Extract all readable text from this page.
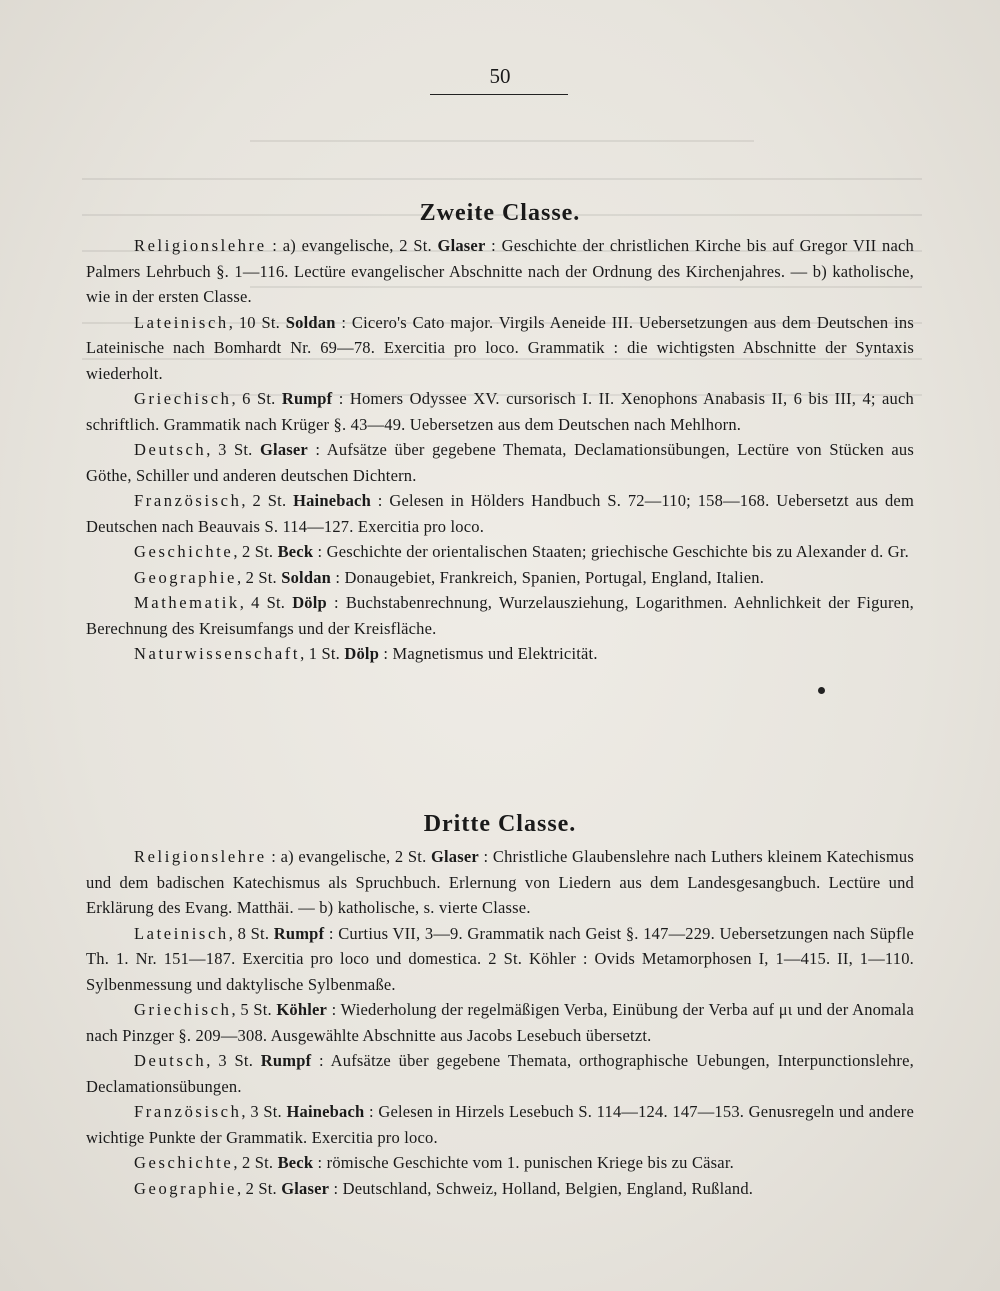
50
Zweite Classe.

Religionslehre : a) evangelische, 2 St. Glaser : Geschichte der christlichen Kirche bis auf Gregor VII nach Palmers Lehrbuch §. 1—116. Lectüre evangelischer Abschnitte nach der Ordnung des Kirchenjahres. — b) katholische, wie in der ersten Classe.

Lateinisch, 10 St. Soldan : Cicero's Cato major. Virgils Aeneide III. Uebersetzungen aus dem Deutschen ins Lateinische nach Bomhardt Nr. 69—78. Exercitia pro loco. Grammatik : die wichtigsten Abschnitte der Syntaxis wiederholt.

Griechisch, 6 St. Rumpf : Homers Odyssee XV. cursorisch I. II. Xenophons Anabasis II, 6 bis III, 4; auch schriftlich. Grammatik nach Krüger §. 43—49. Uebersetzen aus dem Deutschen nach Mehlhorn.

Deutsch, 3 St. Glaser : Aufsätze über gegebene Themata, Declamationsübungen, Lectüre von Stücken aus Göthe, Schiller und anderen deutschen Dichtern.

Französisch, 2 St. Hainebach : Gelesen in Hölders Handbuch S. 72—110; 158—168. Uebersetzt aus dem Deutschen nach Beauvais S. 114—127. Exercitia pro loco.

Geschichte, 2 St. Beck : Geschichte der orientalischen Staaten; griechische Geschichte bis zu Alexander d. Gr.

Geographie, 2 St. Soldan : Donaugebiet, Frankreich, Spanien, Portugal, England, Italien.

Mathematik, 4 St. Dölp : Buchstabenrechnung, Wurzelausziehung, Logarithmen. Aehnlichkeit der Figuren, Berechnung des Kreisumfangs und der Kreisfläche.

Naturwissenschaft, 1 St. Dölp : Magnetismus und Elektricität.

Dritte Classe.

Religionslehre : a) evangelische, 2 St. Glaser : Christliche Glaubenslehre nach Luthers kleinem Katechismus und dem badischen Katechismus als Spruchbuch. Erlernung von Liedern aus dem Landesgesangbuch. Lectüre und Erklärung des Evang. Matthäi. — b) katholische, s. vierte Classe.

Lateinisch, 8 St. Rumpf : Curtius VII, 3—9. Grammatik nach Geist §. 147—229. Uebersetzungen nach Süpfle Th. 1. Nr. 151—187. Exercitia pro loco und domestica. 2 St. Köhler : Ovids Metamorphosen I, 1—415. II, 1—110. Sylbenmessung und daktylische Sylbenmaße.

Griechisch, 5 St. Köhler : Wiederholung der regelmäßigen Verba, Einübung der Verba auf μι und der Anomala nach Pinzger §. 209—308. Ausgewählte Abschnitte aus Jacobs Lesebuch übersetzt.

Deutsch, 3 St. Rumpf : Aufsätze über gegebene Themata, orthographische Uebungen, Interpunctionslehre, Declamationsübungen.

Französisch, 3 St. Hainebach : Gelesen in Hirzels Lesebuch S. 114—124. 147—153. Genusregeln und andere wichtige Punkte der Grammatik. Exercitia pro loco.

Geschichte, 2 St. Beck : römische Geschichte vom 1. punischen Kriege bis zu Cäsar.

Geographie, 2 St. Glaser : Deutschland, Schweiz, Holland, Belgien, England, Rußland.
